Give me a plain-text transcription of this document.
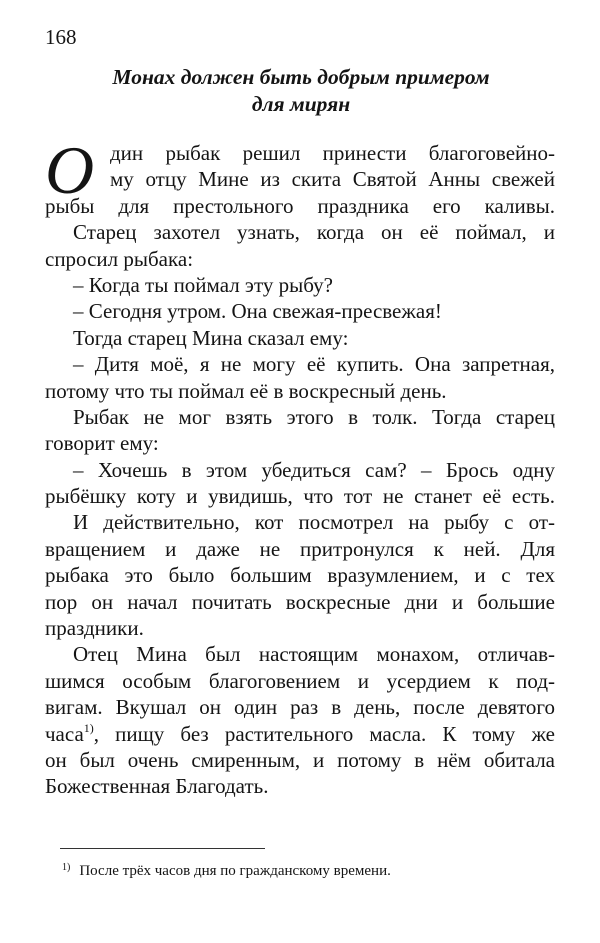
168
Монах должен быть добрым примером
для мирян
О дин рыбак решил принести благоговейно-
му отцу Мине из скита Святой Анны свежей
рыбы для престольного праздника его каливы.
Старец захотел узнать, когда он её поймал, и
спросил рыбака:
– Когда ты поймал эту рыбу?
– Сегодня утром. Она свежая-пресвежая!
Тогда старец Мина сказал ему:
– Дитя моё, я не могу её купить. Она запретная,
потому что ты поймал её в воскресный день.
Рыбак не мог взять этого в толк. Тогда старец
говорит ему:
– Хочешь в этом убедиться сам? – Брось одну
рыбёшку коту и увидишь, что тот не станет её есть.
И действительно, кот посмотрел на рыбу с от-
вращением и даже не притронулся к ней. Для
рыбака это было большим вразумлением, и с тех
пор он начал почитать воскресные дни и большие
праздники.
Отец Мина был настоящим монахом, отличав-
шимся особым благоговением и усердием к под-
вигам. Вкушал он один раз в день, после девятого
часа$^{1)}$, пищу без растительного масла. К тому же
он был очень смиренным, и потому в нём обитала
Божественная Благодать.
$^{1)}$ После трёх часов дня по гражданскому времени.
